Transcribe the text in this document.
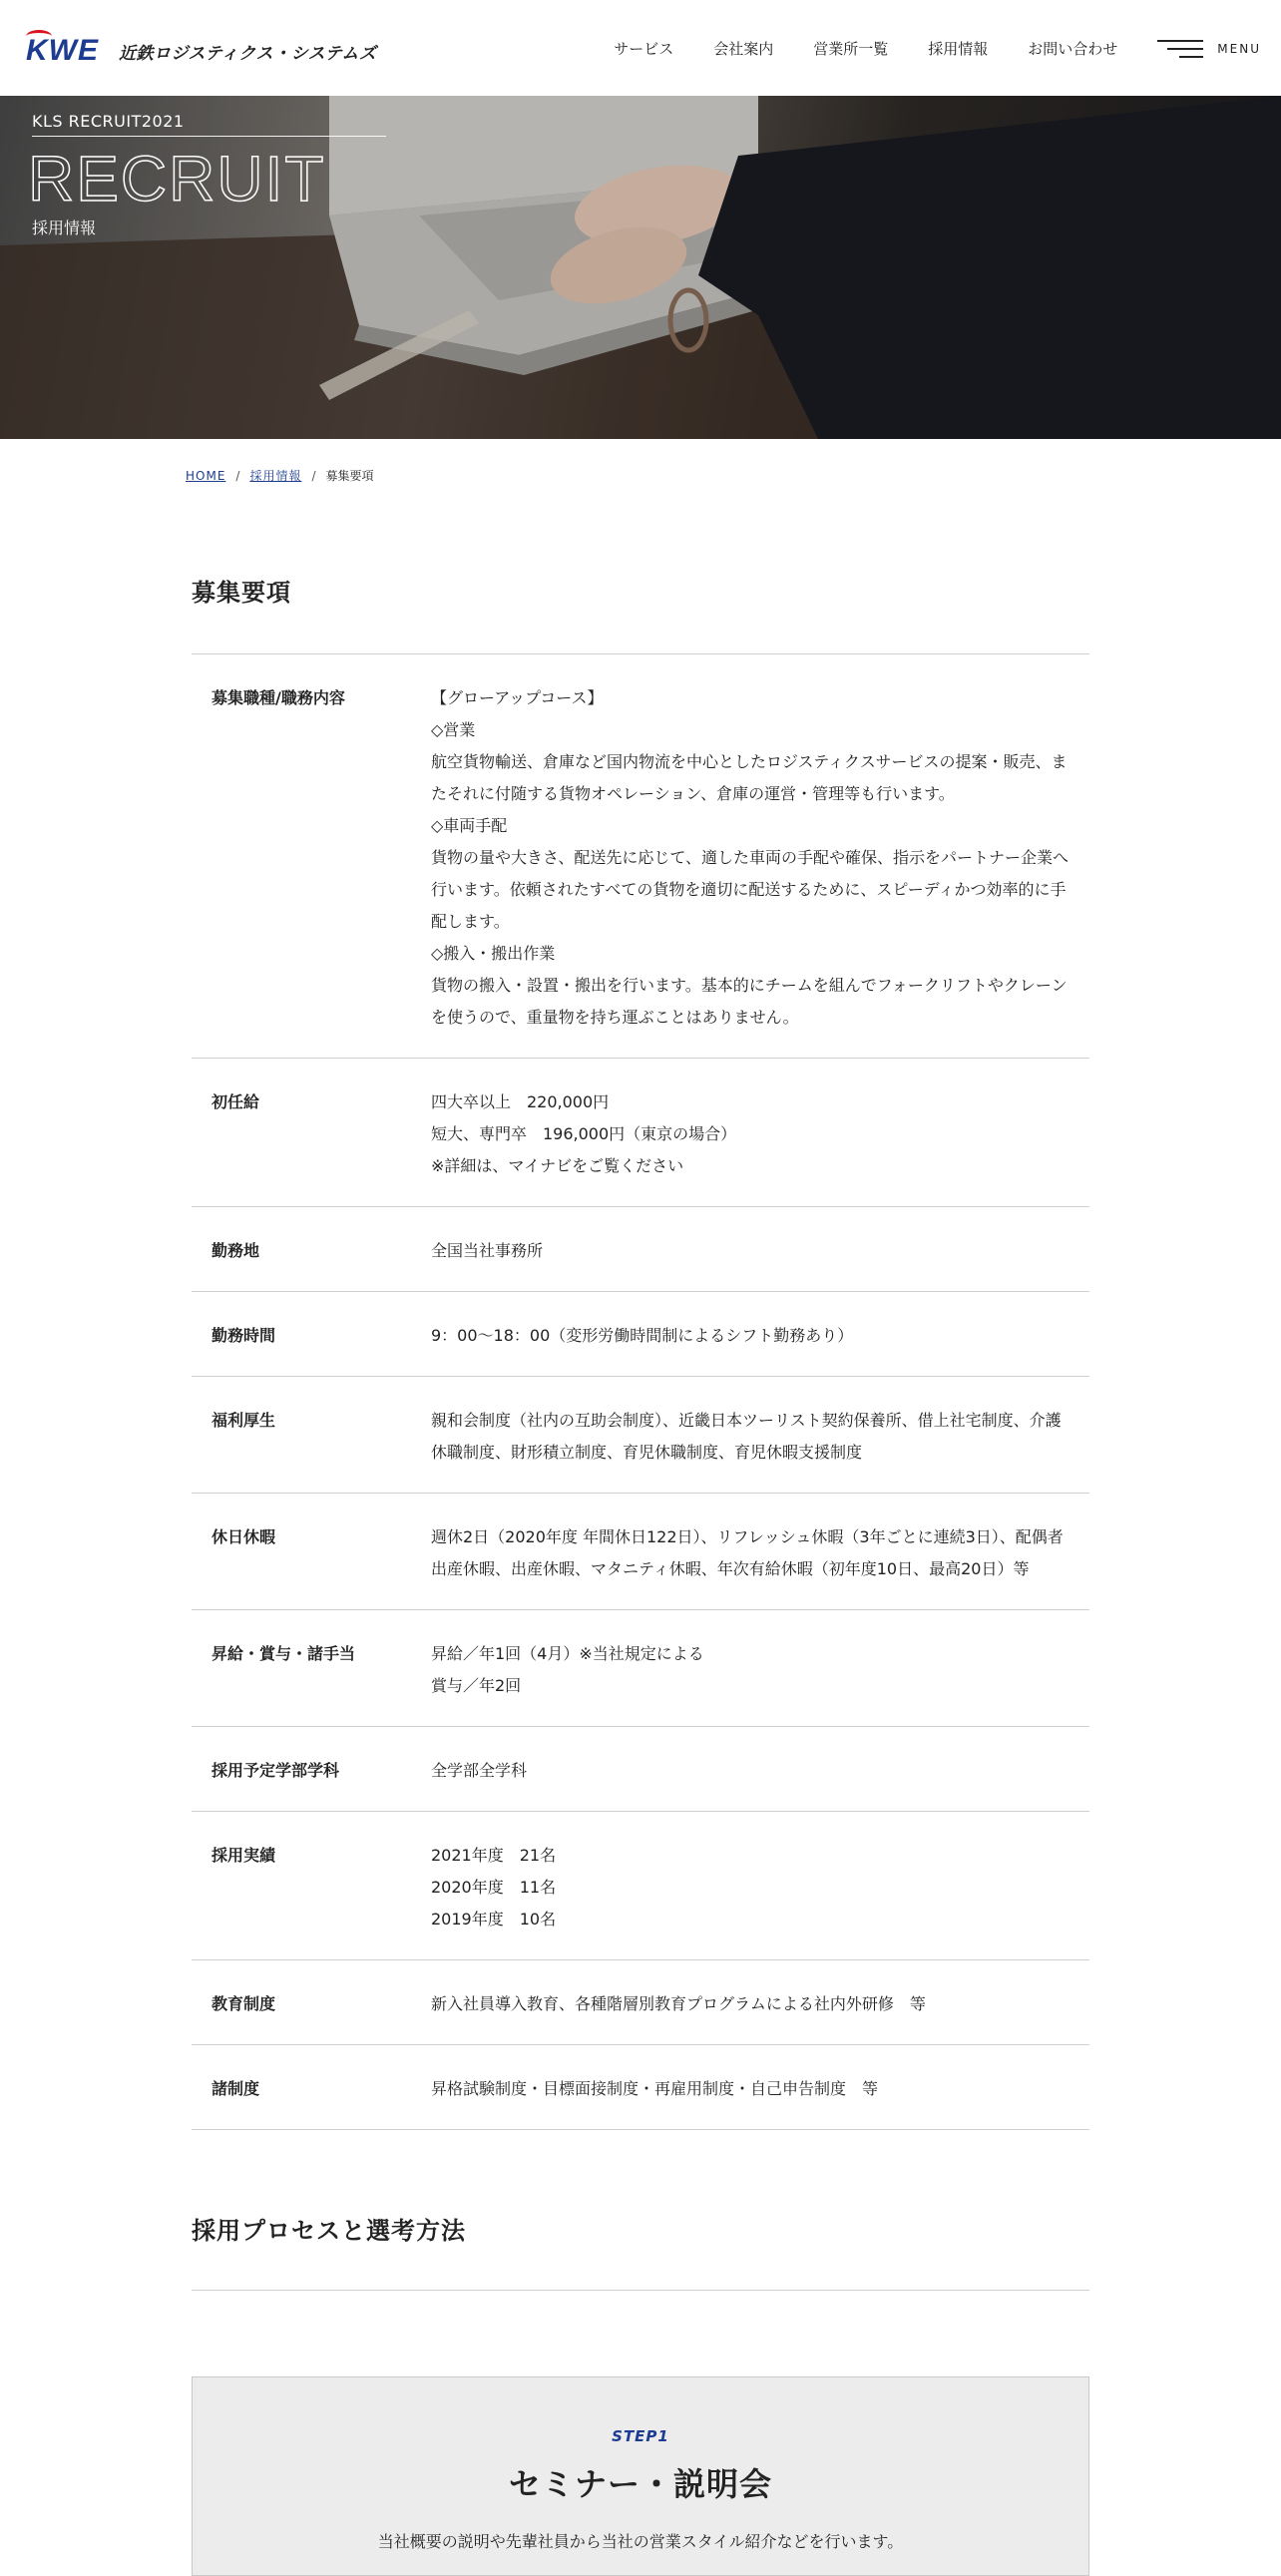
KWE 近鉄ロジスティクス・システムズ	サービス	会社案内	営業所一覧	採用情報	お問い合わせ	MENU
KLS RECRUIT2021
RECRUIT
採用情報
HOME / 採用情報 / 募集要項
募集要項
募集職種/職務内容	【グローアップコース】
◇営業
航空貨物輸送、倉庫など国内物流を中心としたロジスティクスサービスの提案・販売、またそれに付随する貨物オペレーション、倉庫の運営・管理等も行います。
◇車両手配
貨物の量や大きさ、配送先に応じて、適した車両の手配や確保、指示をパートナー企業へ行います。依頼されたすべての貨物を適切に配送するために、スピーディかつ効率的に手配します。
◇搬入・搬出作業
貨物の搬入・設置・搬出を行います。基本的にチームを組んでフォークリフトやクレーンを使うので、重量物を持ち運ぶことはありません。
初任給	四大卒以上　220,000円
短大、専門卒　196,000円（東京の場合）
※詳細は、マイナビをご覧ください
勤務地	全国当社事務所
勤務時間	9：00〜18：00（変形労働時間制によるシフト勤務あり）
福利厚生	親和会制度（社内の互助会制度）、近畿日本ツーリスト契約保養所、借上社宅制度、介護休職制度、財形積立制度、育児休職制度、育児休暇支援制度
休日休暇	週休2日（2020年度 年間休日122日）、リフレッシュ休暇（3年ごとに連続3日）、配偶者出産休暇、出産休暇、マタニティ休暇、年次有給休暇（初年度10日、最高20日）等
昇給・賞与・諸手当	昇給／年1回（4月）※当社規定による
賞与／年2回
採用予定学部学科	全学部全学科
採用実績	2021年度　21名
2020年度　11名
2019年度　10名
教育制度	新入社員導入教育、各種階層別教育プログラムによる社内外研修　等
諸制度	昇格試験制度・目標面接制度・再雇用制度・自己申告制度　等
採用プロセスと選考方法
STEP1
セミナー・説明会
当社概要の説明や先輩社員から当社の営業スタイル紹介などを行います。
